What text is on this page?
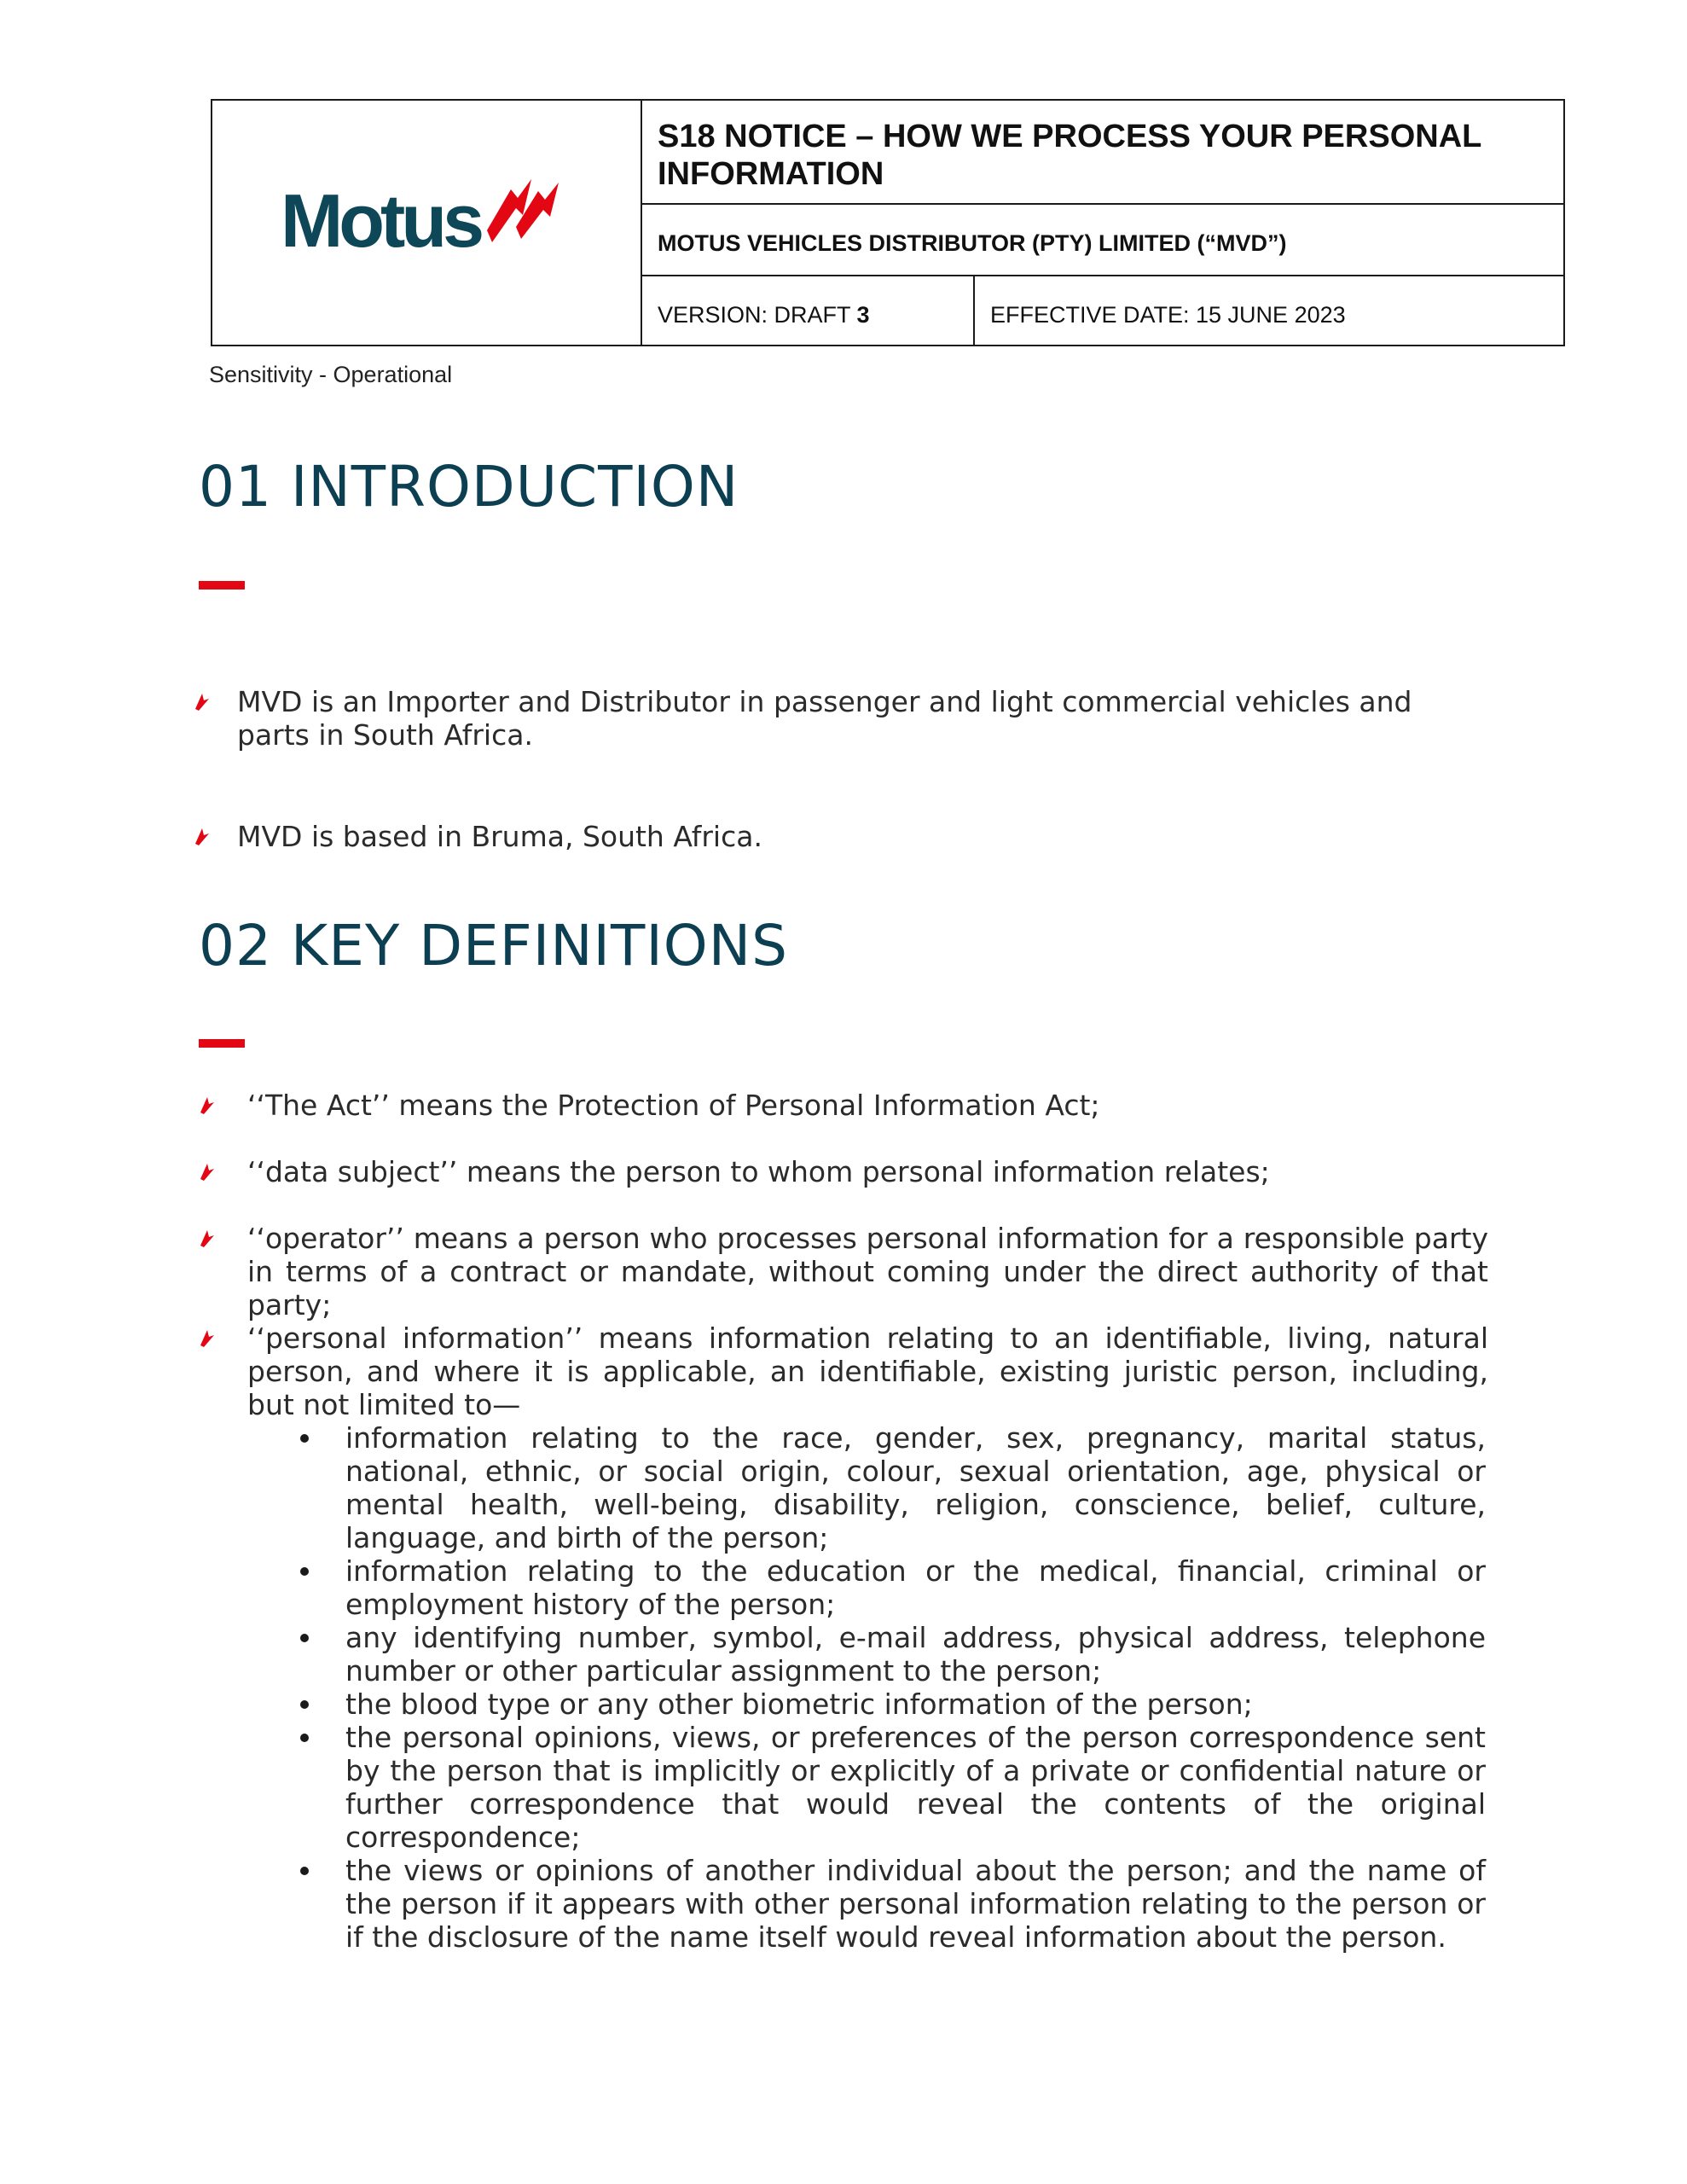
Motus
S18 NOTICE – HOW WE PROCESS YOUR PERSONAL INFORMATION
MOTUS VEHICLES DISTRIBUTOR (PTY) LIMITED (“MVD”)
VERSION: DRAFT 3	EFFECTIVE DATE: 15 JUNE 2023
Sensitivity - Operational
01 INTRODUCTION
MVD is an Importer and Distributor in passenger and light commercial vehicles and parts in South Africa.
MVD is based in Bruma, South Africa.
02 KEY DEFINITIONS
‘‘The Act’’ means the Protection of Personal Information Act;
‘‘data subject’’ means the person to whom personal information relates;
‘‘operator’’ means a person who processes personal information for a responsible party in terms of a contract or mandate, without coming under the direct authority of that party;
‘‘personal information’’ means information relating to an identifiable, living, natural person, and where it is applicable, an identifiable, existing juristic person, including, but not limited to—
information relating to the race, gender, sex, pregnancy, marital status, national, ethnic, or social origin, colour, sexual orientation, age, physical or mental health, well-being, disability, religion, conscience, belief, culture, language, and birth of the person;
information relating to the education or the medical, financial, criminal or employment history of the person;
any identifying number, symbol, e-mail address, physical address, telephone number or other particular assignment to the person;
the blood type or any other biometric information of the person;
the personal opinions, views, or preferences of the person correspondence sent by the person that is implicitly or explicitly of a private or confidential nature or further correspondence that would reveal the contents of the original correspondence;
the views or opinions of another individual about the person; and the name of the person if it appears with other personal information relating to the person or if the disclosure of the name itself would reveal information about the person.
